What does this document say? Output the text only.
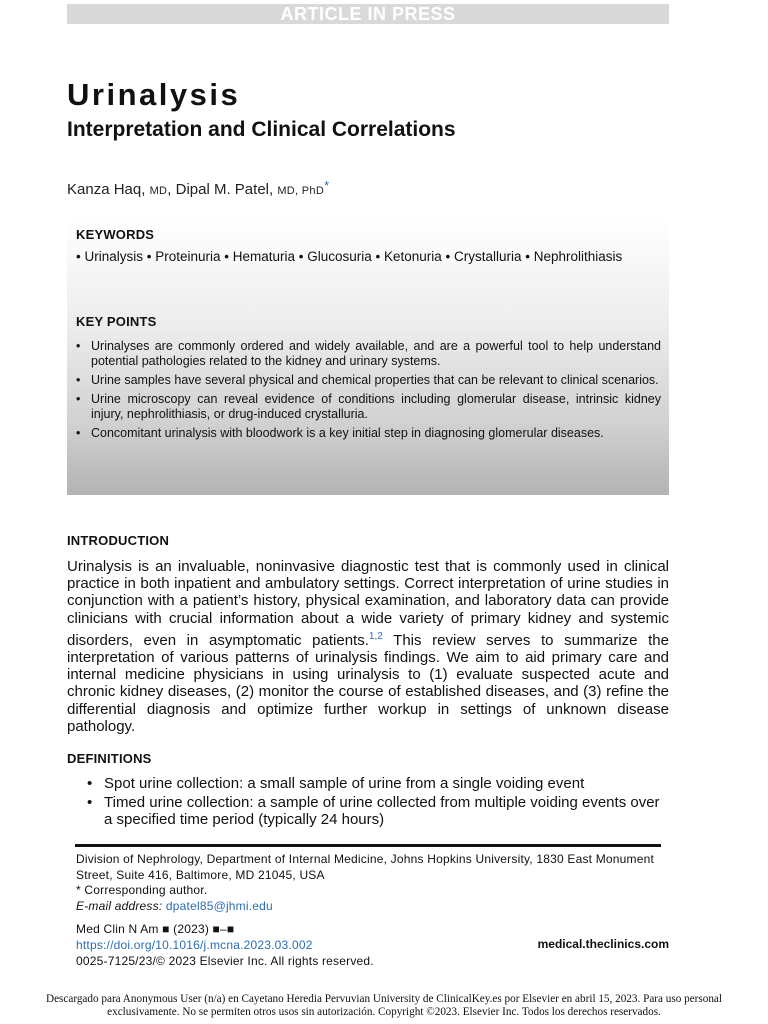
ARTICLE IN PRESS
Urinalysis
Interpretation and Clinical Correlations
Kanza Haq, MD, Dipal M. Patel, MD, PhD*
KEYWORDS
• Urinalysis • Proteinuria • Hematuria • Glucosuria • Ketonuria • Crystalluria • Nephrolithiasis
KEY POINTS
• Urinalyses are commonly ordered and widely available, and are a powerful tool to help understand potential pathologies related to the kidney and urinary systems.
• Urine samples have several physical and chemical properties that can be relevant to clinical scenarios.
• Urine microscopy can reveal evidence of conditions including glomerular disease, intrinsic kidney injury, nephrolithiasis, or drug-induced crystalluria.
• Concomitant urinalysis with bloodwork is a key initial step in diagnosing glomerular diseases.
INTRODUCTION

Urinalysis is an invaluable, noninvasive diagnostic test that is commonly used in clinical practice in both inpatient and ambulatory settings. Correct interpretation of urine studies in conjunction with a patient’s history, physical examination, and laboratory data can provide clinicians with crucial information about a wide variety of primary kidney and systemic disorders, even in asymptomatic patients.$^{1,2}$ This review serves to summarize the interpretation of various patterns of urinalysis findings. We aim to aid primary care and internal medicine physicians in using urinalysis to (1) evaluate suspected acute and chronic kidney diseases, (2) monitor the course of established diseases, and (3) refine the differential diagnosis and optimize further workup in settings of unknown disease pathology.

DEFINITIONS
• Spot urine collection: a small sample of urine from a single voiding event
• Timed urine collection: a sample of urine collected from multiple voiding events over a specified time period (typically 24 hours)
Division of Nephrology, Department of Internal Medicine, Johns Hopkins University, 1830 East Monument Street, Suite 416, Baltimore, MD 21045, USA
* Corresponding author.
E-mail address: dpatel85@jhmi.edu
Med Clin N Am ■ (2023) ■–■
https://doi.org/10.1016/j.mcna.2023.03.002
0025-7125/23/© 2023 Elsevier Inc. All rights reserved.
medical.theclinics.com
Descargado para Anonymous User (n/a) en Cayetano Heredia Pervuvian University de ClinicalKey.es por Elsevier en abril 15, 2023. Para uso personal exclusivamente. No se permiten otros usos sin autorización. Copyright ©2023. Elsevier Inc. Todos los derechos reservados.
